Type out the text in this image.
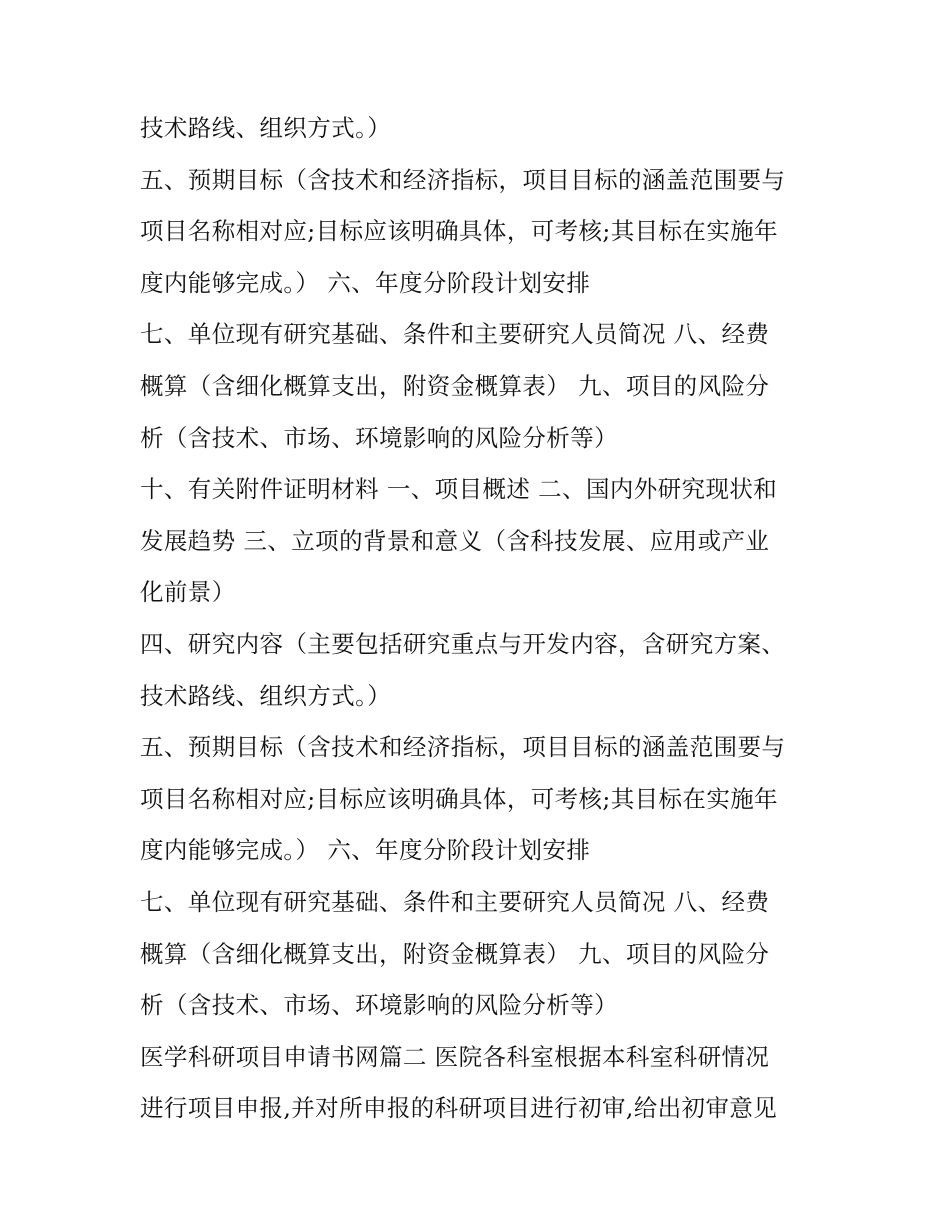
技术路线、组织方式。）
五、预期目标（含技术和经济指标，项目目标的涵盖范围要与
项目名称相对应;目标应该明确具体，可考核;其目标在实施年
度内能够完成。） 六、年度分阶段计划安排
七、单位现有研究基础、条件和主要研究人员简况 八、经费
概算（含细化概算支出，附资金概算表） 九、项目的风险分
析（含技术、市场、环境影响的风险分析等）
十、有关附件证明材料 一、项目概述 二、国内外研究现状和
发展趋势 三、立项的背景和意义（含科技发展、应用或产业
化前景）
四、研究内容（主要包括研究重点与开发内容，含研究方案、
技术路线、组织方式。）
五、预期目标（含技术和经济指标，项目目标的涵盖范围要与
项目名称相对应;目标应该明确具体，可考核;其目标在实施年
度内能够完成。） 六、年度分阶段计划安排
七、单位现有研究基础、条件和主要研究人员简况 八、经费
概算（含细化概算支出，附资金概算表） 九、项目的风险分
析（含技术、市场、环境影响的风险分析等）
医学科研项目申请书网篇二 医院各科室根据本科室科研情况
进行项目申报,并对所申报的科研项目进行初审,给出初审意见
